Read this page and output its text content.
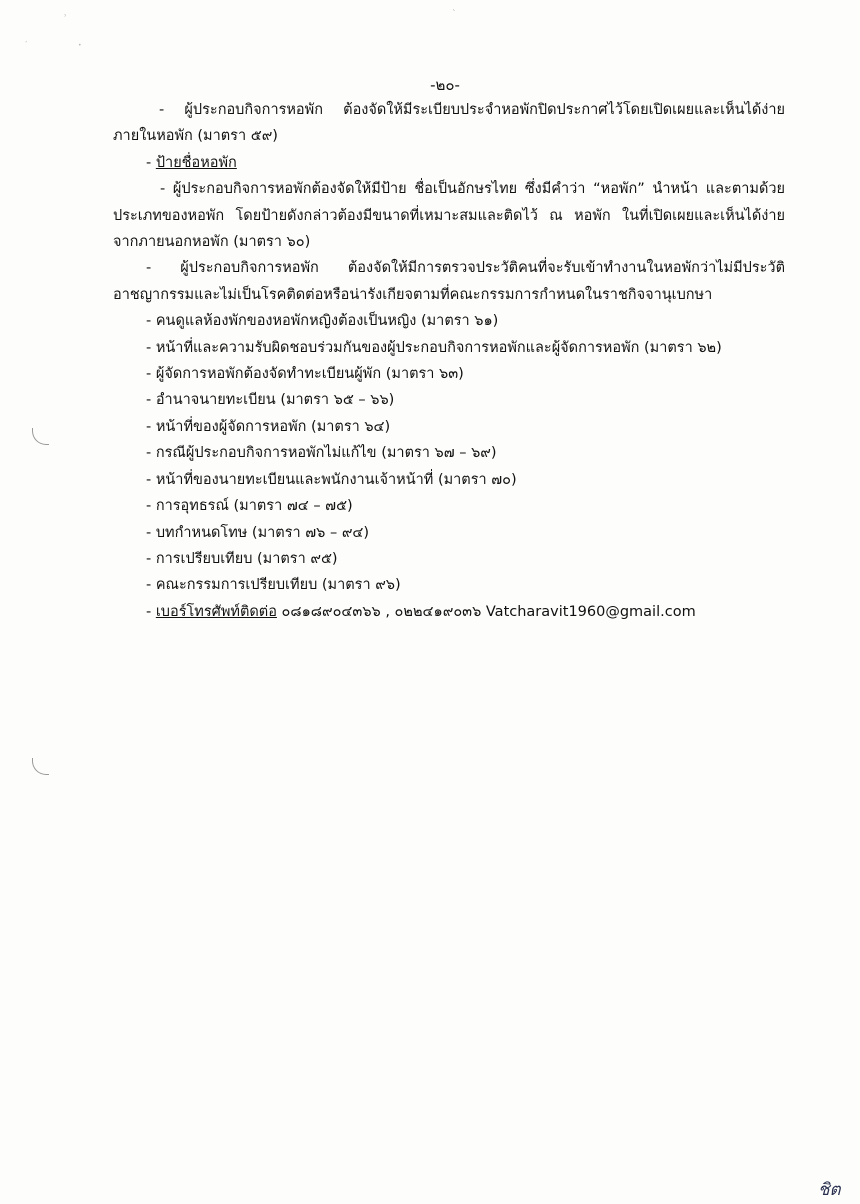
ʾ
ˎ
ʼ	•
-๒๐-
- ผู้ประกอบกิจการหอพัก ต้องจัดให้มีระเบียบประจำหอพักปิดประกาศไว้โดยเปิดเผยและเห็นได้ง่าย
ภายในหอพัก (มาตรา ๕๙)
- ป้ายชื่อหอพัก
- ผู้ประกอบกิจการหอพักต้องจัดให้มีป้าย ชื่อเป็นอักษรไทย ซึ่งมีคำว่า “หอพัก” นำหน้า และตามด้วย
ประเภทของหอพัก โดยป้ายดังกล่าวต้องมีขนาดที่เหมาะสมและติดไว้ ณ หอพัก ในที่เปิดเผยและเห็นได้ง่าย
จากภายนอกหอพัก (มาตรา ๖๐)
- ผู้ประกอบกิจการหอพัก ต้องจัดให้มีการตรวจประวัติคนที่จะรับเข้าทำงานในหอพักว่าไม่มีประวัติ
อาชญากรรมและไม่เป็นโรคติดต่อหรือน่ารังเกียจตามที่คณะกรรมการกำหนดในราชกิจจานุเบกษา
- คนดูแลห้องพักของหอพักหญิงต้องเป็นหญิง (มาตรา ๖๑)
- หน้าที่และความรับผิดชอบร่วมกันของผู้ประกอบกิจการหอพักและผู้จัดการหอพัก (มาตรา ๖๒)
- ผู้จัดการหอพักต้องจัดทำทะเบียนผู้พัก (มาตรา ๖๓)
- อำนาจนายทะเบียน (มาตรา ๖๕ – ๖๖)
- หน้าที่ของผู้จัดการหอพัก (มาตรา ๖๔)
- กรณีผู้ประกอบกิจการหอพักไม่แก้ไข (มาตรา ๖๗ – ๖๙)
- หน้าที่ของนายทะเบียนและพนักงานเจ้าหน้าที่ (มาตรา ๗๐)
- การอุทธรณ์ (มาตรา ๗๔ – ๗๕)
- บทกำหนดโทษ (มาตรา ๗๖ – ๙๔)
- การเปรียบเทียบ (มาตรา ๙๕)
- คณะกรรมการเปรียบเทียบ (มาตรา ๙๖)
- เบอร์โทรศัพท์ติดต่อ ๐๘๑๘๙๐๔๓๖๖ , ๐๒๒๔๑๙๐๓๖ Vatcharavit1960@gmail.com
ชิต
